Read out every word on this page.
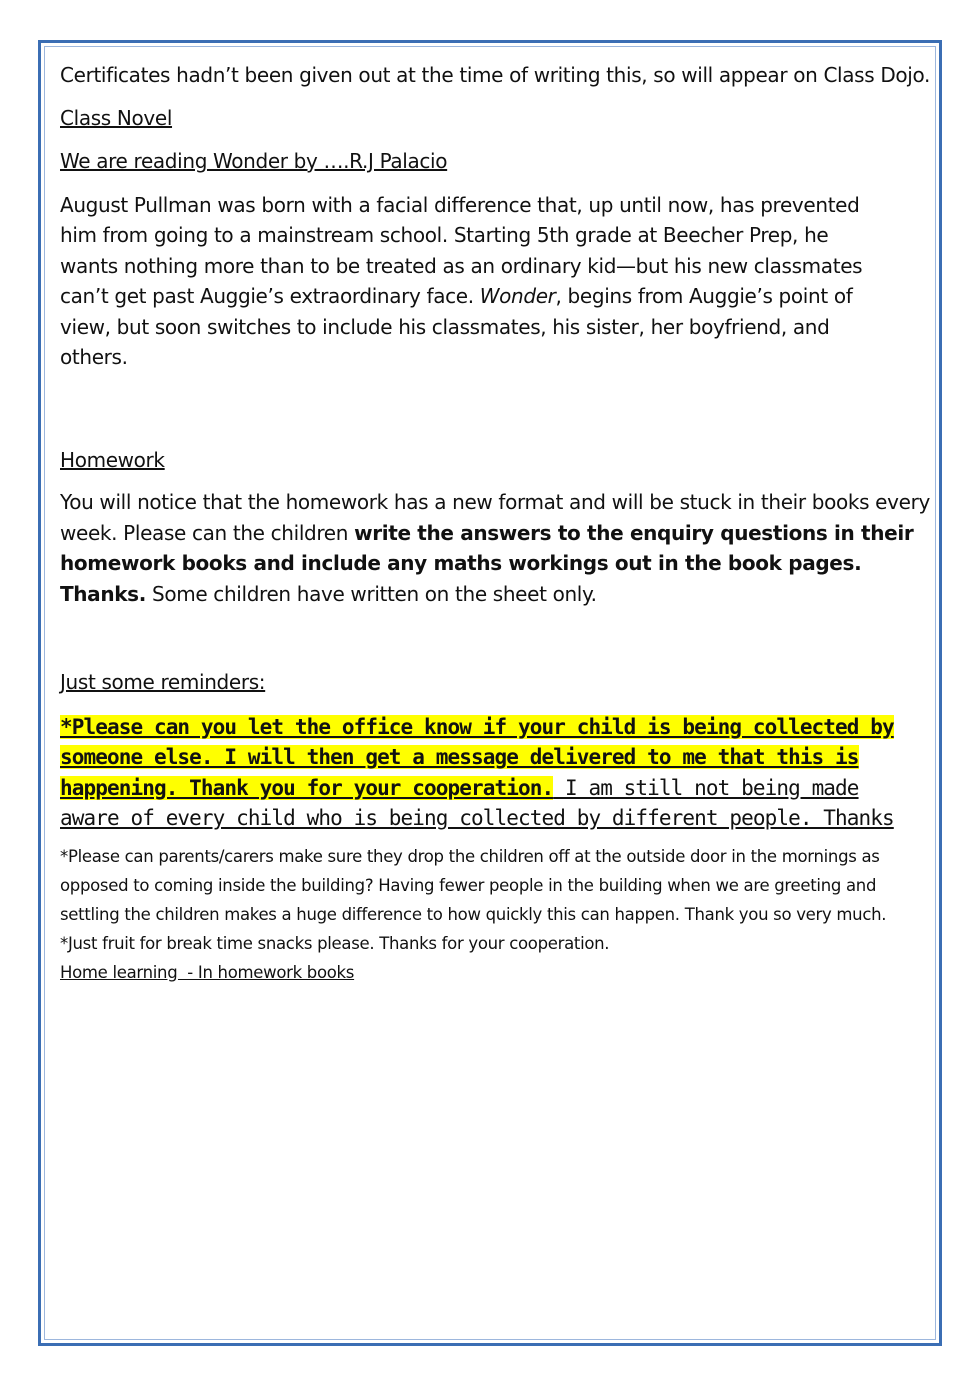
Certificates hadn’t been given out at the time of writing this, so will appear on Class Dojo.

Class Novel

We are reading Wonder by ….R.J Palacio

August Pullman was born with a facial difference that, up until now, has prevented him from going to a mainstream school. Starting 5th grade at Beecher Prep, he wants nothing more than to be treated as an ordinary kid—but his new classmates can’t get past Auggie’s extraordinary face. Wonder, begins from Auggie’s point of view, but soon switches to include his classmates, his sister, her boyfriend, and others.

Homework

You will notice that the homework has a new format and will be stuck in their books every week. Please can the children write the answers to the enquiry questions in their homework books and include any maths workings out in the book pages. Thanks. Some children have written on the sheet only.

Just some reminders:

*Please can you let the office know if your child is being collected by someone else. I will then get a message delivered to me that this is happening. Thank you for your cooperation. I am still not being made aware of every child who is being collected by different people. Thanks

*Please can parents/carers make sure they drop the children off at the outside door in the mornings as opposed to coming inside the building? Having fewer people in the building when we are greeting and settling the children makes a huge difference to how quickly this can happen. Thank you so very much.

*Just fruit for break time snacks please. Thanks for your cooperation.

Home learning  - In homework books
